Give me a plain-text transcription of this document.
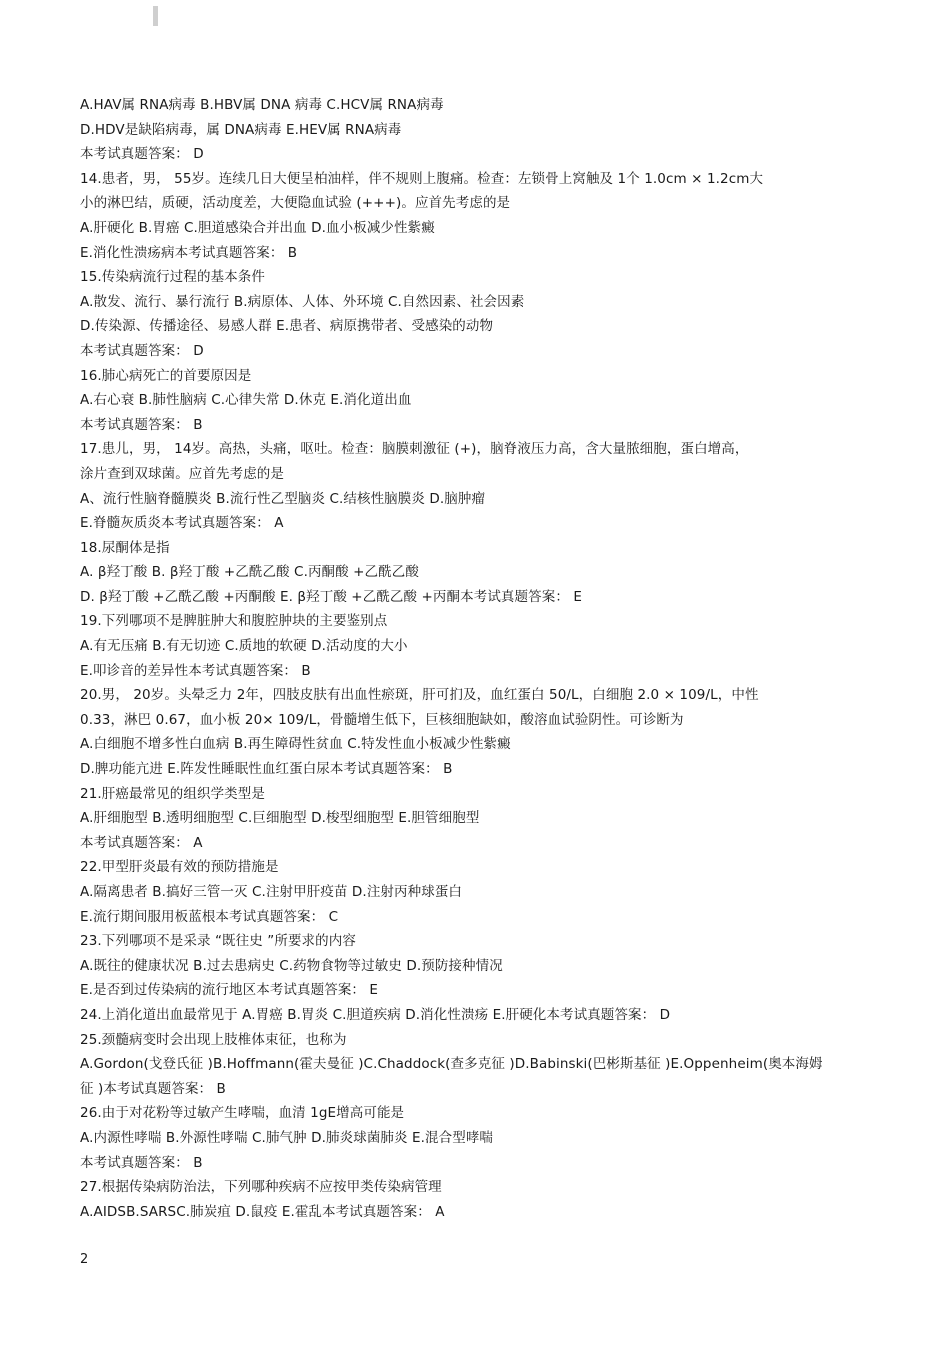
A.HAV属 RNA病毒 B.HBV属 DNA 病毒 C.HCV属 RNA病毒
D.HDV是缺陷病毒，属 DNA病毒 E.HEV属 RNA病毒
本考试真题答案： D
14.患者，男， 55岁。连续几日大便呈柏油样，伴不规则上腹痛。检查：左锁骨上窝触及 1个 1.0cm × 1.2cm大
小的淋巴结，质硬，活动度差，大便隐血试验 (+++)。应首先考虑的是
A.肝硬化 B.胃癌 C.胆道感染合并出血 D.血小板减少性紫癜
E.消化性溃疡病本考试真题答案： B
15.传染病流行过程的基本条件
A.散发、流行、暴行流行 B.病原体、人体、外环境 C.自然因素、社会因素
D.传染源、传播途径、易感人群 E.患者、病原携带者、受感染的动物
本考试真题答案： D
16.肺心病死亡的首要原因是
A.右心衰 B.肺性脑病 C.心律失常 D.休克 E.消化道出血
本考试真题答案： B
17.患儿，男， 14岁。高热，头痛，呕吐。检查：脑膜刺激征 (+)，脑脊液压力高，含大量脓细胞，蛋白增高，
涂片查到双球菌。应首先考虑的是
A、流行性脑脊髓膜炎 B.流行性乙型脑炎 C.结核性脑膜炎 D.脑肿瘤
E.脊髓灰质炎本考试真题答案： A
18.尿酮体是指
A. β羟丁酸 B. β羟丁酸 +乙酰乙酸 C.丙酮酸 +乙酰乙酸
D. β羟丁酸 +乙酰乙酸 +丙酮酸 E. β羟丁酸 +乙酰乙酸 +丙酮本考试真题答案： E
19.下列哪项不是脾脏肿大和腹腔肿块的主要鉴别点
A.有无压痛 B.有无切迹 C.质地的软硬 D.活动度的大小
E.叩诊音的差异性本考试真题答案： B
20.男， 20岁。头晕乏力 2年，四肢皮肤有出血性瘀斑，肝可扪及，血红蛋白 50/L，白细胞 2.0 × 109/L，中性
0.33，淋巴 0.67，血小板 20× 109/L，骨髓增生低下，巨核细胞缺如，酸溶血试验阴性。可诊断为
A.白细胞不增多性白血病 B.再生障碍性贫血 C.特发性血小板减少性紫癜
D.脾功能亢进 E.阵发性睡眠性血红蛋白尿本考试真题答案： B
21.肝癌最常见的组织学类型是
A.肝细胞型 B.透明细胞型 C.巨细胞型 D.梭型细胞型 E.胆管细胞型
本考试真题答案： A
22.甲型肝炎最有效的预防措施是
A.隔离患者 B.搞好三管一灭 C.注射甲肝疫苗 D.注射丙种球蛋白
E.流行期间服用板蓝根本考试真题答案： C
23.下列哪项不是采录 “既往史 ”所要求的内容
A.既往的健康状况 B.过去患病史 C.药物食物等过敏史 D.预防接种情况
E.是否到过传染病的流行地区本考试真题答案： E
24.上消化道出血最常见于 A.胃癌 B.胃炎 C.胆道疾病 D.消化性溃疡 E.肝硬化本考试真题答案： D
25.颈髓病变时会出现上肢椎体束征，也称为
A.Gordon(戈登氏征 )B.Hoffmann(霍夫曼征 )C.Chaddock(查多克征 )D.Babinski(巴彬斯基征 )E.Oppenheim(奥本海姆
征 )本考试真题答案： B
26.由于对花粉等过敏产生哮喘，血清 1gE增高可能是
A.内源性哮喘 B.外源性哮喘 C.肺气肿 D.肺炎球菌肺炎 E.混合型哮喘
本考试真题答案： B
27.根据传染病防治法，下列哪种疾病不应按甲类传染病管理
A.AIDSB.SARSC.肺炭疽 D.鼠疫 E.霍乱本考试真题答案： A
2
